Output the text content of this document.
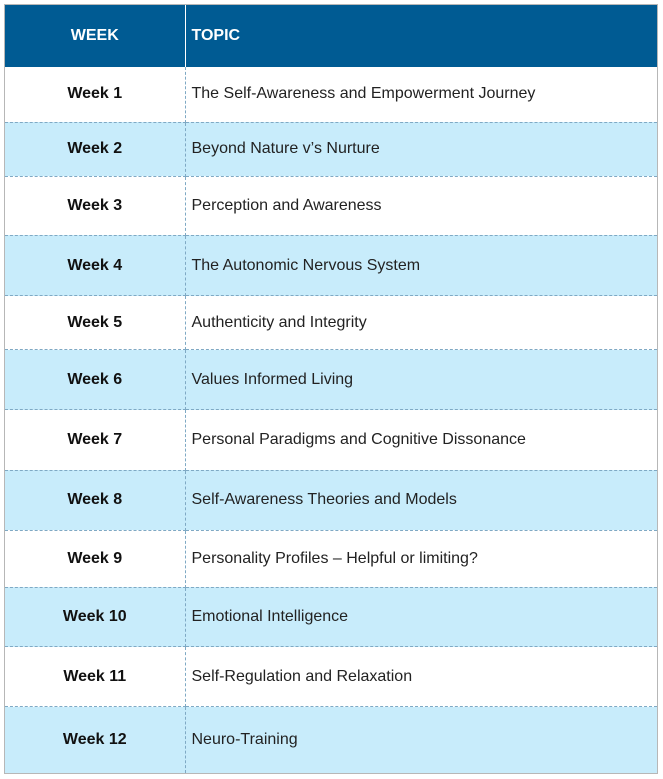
WEEK	TOPIC
Week 1	The Self-Awareness and Empowerment Journey
Week 2	Beyond Nature v’s Nurture
Week 3	Perception and Awareness
Week 4	The Autonomic Nervous System
Week 5	Authenticity and Integrity
Week 6	Values Informed Living
Week 7	Personal Paradigms and Cognitive Dissonance
Week 8	Self-Awareness Theories and Models
Week 9	Personality Profiles – Helpful or limiting?
Week 10	Emotional Intelligence
Week 11	Self-Regulation and Relaxation
Week 12	Neuro-Training
